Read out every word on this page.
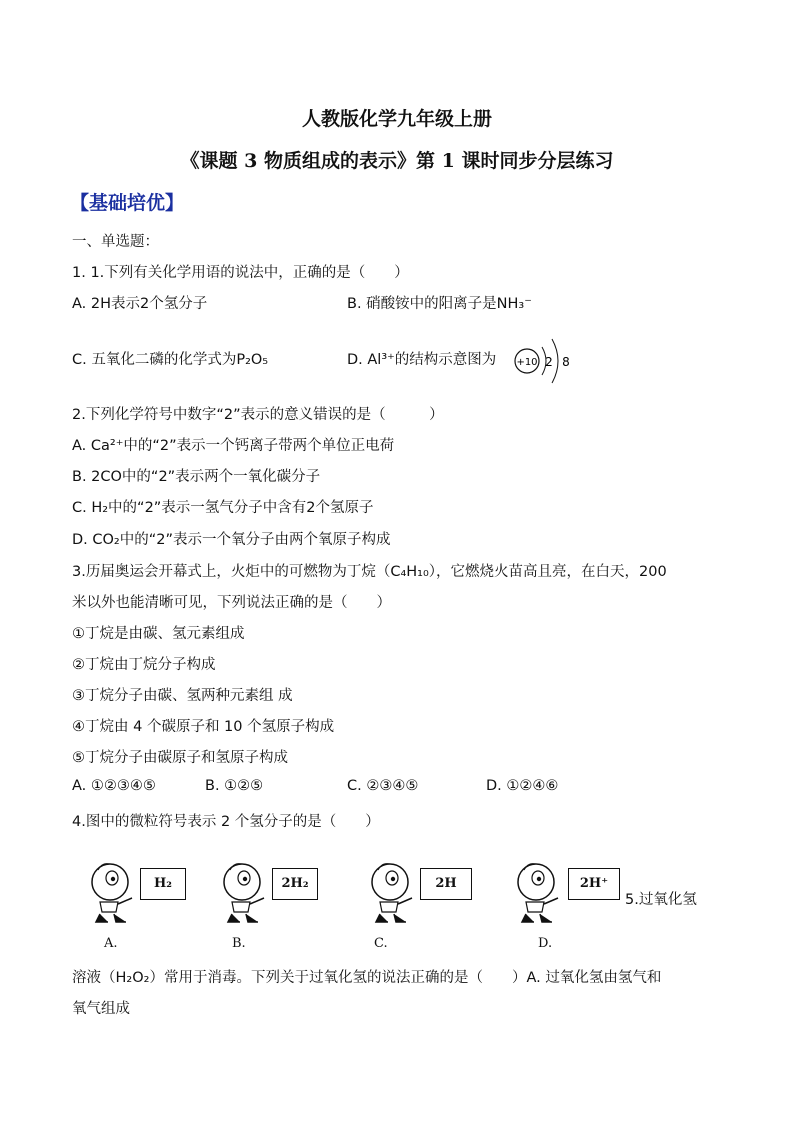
人教版化学九年级上册
《课题 3 物质组成的表示》第 1 课时同步分层练习
【基础培优】
一、单选题：
1. 1.下列有关化学用语的说法中，正确的是（　　）
A. 2H表示2个氢分子	B. 硝酸铵中的阳离子是NH₃⁻
C. 五氧化二磷的化学式为P₂O₅	D. Al³⁺的结构示意图为 +10 2 8
2.下列化学符号中数字“2”表示的意义错误的是（　　　）
A. Ca²⁺中的“2”表示一个钙离子带两个单位正电荷
B. 2CO中的“2”表示两个一氧化碳分子
C. H₂中的“2”表示一氢气分子中含有2个氢原子
D. CO₂中的“2”表示一个氧分子由两个氧原子构成
3.历届奥运会开幕式上，火炬中的可燃物为丁烷（C₄H₁₀），它燃烧火苗高且亮，在白天，200
米以外也能清晰可见，下列说法正确的是（　　）
①丁烷是由碳、氢元素组成
②丁烷由丁烷分子构成
③丁烷分子由碳、氢两种元素组 成
④丁烷由 4 个碳原子和 10 个氢原子构成
⑤丁烷分子由碳原子和氢原子构成
A. ①②③④⑤	B. ①②⑤	C. ②③④⑤	D. ①②④⑥
4.图中的微粒符号表示 2 个氢分子的是（　　）
H₂
A.
2H₂
B.
2H
C.
2H⁺
D.
5.过氧化氢
溶液（H₂O₂）常用于消毒。下列关于过氧化氢的说法正确的是（　　）A. 过氧化氢由氢气和
氧气组成
